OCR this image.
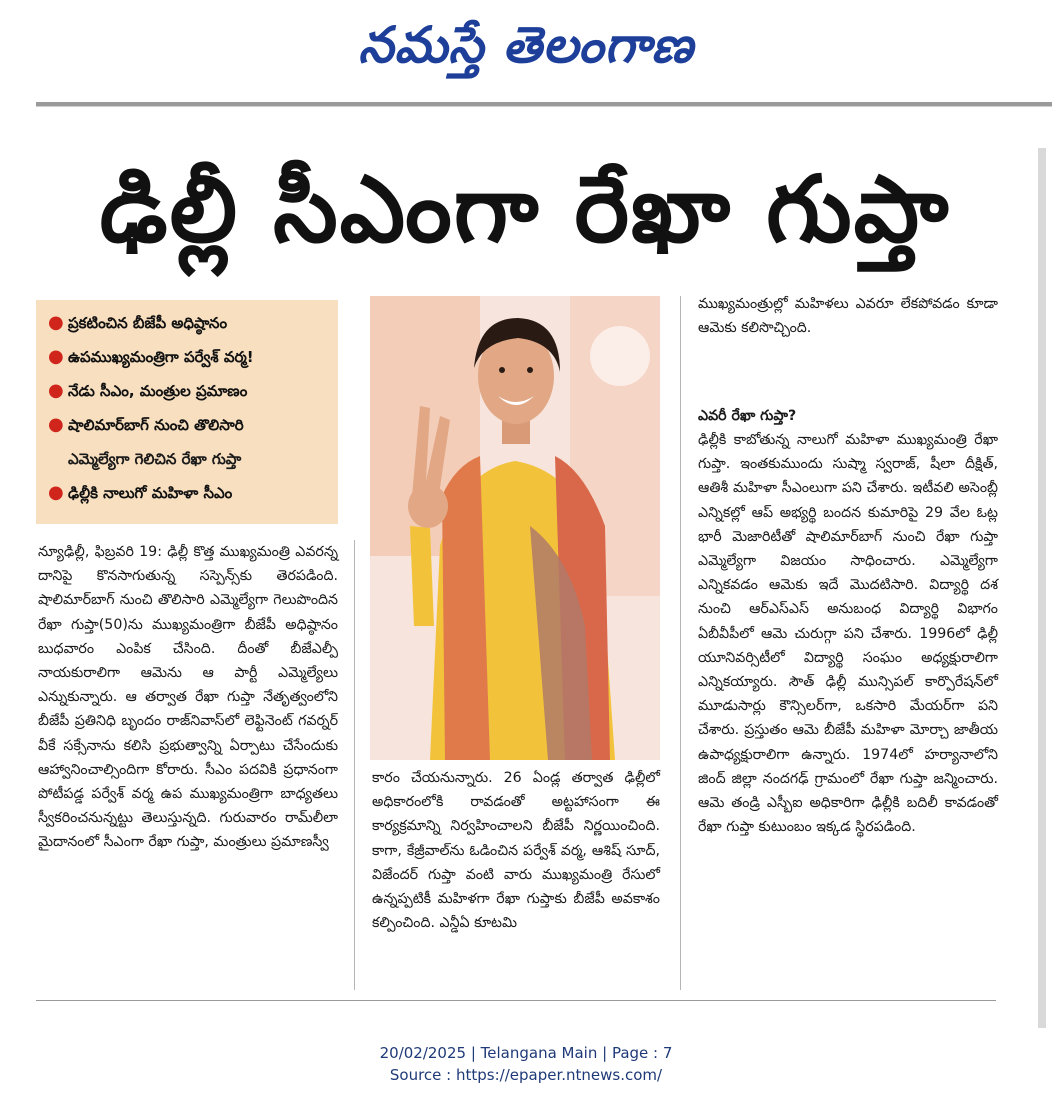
నమస్తే తెలంగాణ
ఢిల్లీ సీఎంగా రేఖా గుప్తా
● ప్రకటించిన బీజేపీ అధిష్ఠానం
● ఉపముఖ్యమంత్రిగా పర్వేశ్ వర్మ!
● నేడు సీఎం, మంత్రుల ప్రమాణం
● షాలిమార్‌బాగ్ నుంచి తొలిసారి
ఎమ్మెల్యేగా గెలిచిన రేఖా గుప్తా
● ఢిల్లీకి నాలుగో మహిళా సీఎం

న్యూఢిల్లీ, ఫిబ్రవరి 19: ఢిల్లీ కొత్త ముఖ్యమంత్రి ఎవరన్న దానిపై కొనసాగుతున్న సస్పెన్స్‌కు తెరపడింది. షాలిమార్‌బాగ్ నుంచి తొలిసారి ఎమ్మెల్యేగా గెలుపొందిన రేఖా గుప్తా(50)ను ముఖ్యమంత్రిగా బీజేపీ అధిష్ఠానం బుధవారం ఎంపిక చేసింది. దీంతో బీజేఎల్పీ నాయకురాలిగా ఆమెను ఆ పార్టీ ఎమ్మెల్యేలు ఎన్నుకున్నారు. ఆ తర్వాత రేఖా గుప్తా నేతృత్వంలోని బీజేపీ ప్రతినిధి బృందం రాజ్‌నివాస్‌లో లెఫ్టినెంట్ గవర్నర్ వీకే సక్సేనాను కలిసి ప్రభుత్వాన్ని ఏర్పాటు చేసేందుకు ఆహ్వానించాల్సిందిగా కోరారు. సీఎం పదవికి ప్రధానంగా పోటీపడ్డ పర్వేశ్ వర్మ ఉప ముఖ్యమంత్రిగా బాధ్యతలు స్వీకరించనున్నట్టు తెలుస్తున్నది. గురువారం రామ్‌లీలా మైదానంలో సీఎంగా రేఖా గుప్తా, మంత్రులు ప్రమాణస్వీ

కారం చేయనున్నారు. 26 ఏండ్ల తర్వాత ఢిల్లీలో అధికారంలోకి రావడంతో అట్టహాసంగా ఈ కార్యక్రమాన్ని నిర్వహించాలని బీజేపీ నిర్ణయించింది. కాగా, కేజ్రీవాల్‌ను ఓడించిన పర్వేశ్ వర్మ, ఆశిష్ సూద్, విజేందర్ గుప్తా వంటి వారు ముఖ్యమంత్రి రేసులో ఉన్నప్పటికీ మహిళగా రేఖా గుప్తాకు బీజేపీ అవకాశం కల్పించింది. ఎన్డీఏ కూటమి

ముఖ్యమంత్రుల్లో మహిళలు ఎవరూ లేకపోవడం కూడా ఆమెకు కలిసొచ్చింది.

ఎవరీ రేఖా గుప్తా?

ఢిల్లీకి కాబోతున్న నాలుగో మహిళా ముఖ్యమంత్రి రేఖా గుప్తా. ఇంతకుముందు సుష్మా స్వరాజ్, షీలా దీక్షిత్, ఆతిశీ మహిళా సీఎంలుగా పని చేశారు. ఇటీవలి అసెంబ్లీ ఎన్నికల్లో ఆప్ అభ్యర్థి బందన కుమారిపై 29 వేల ఓట్ల భారీ మెజారిటీతో షాలిమార్‌బాగ్ నుంచి రేఖా గుప్తా ఎమ్మెల్యేగా విజయం సాధించారు. ఎమ్మెల్యేగా ఎన్నికవడం ఆమెకు ఇదే మొదటిసారి. విద్యార్థి దశ నుంచి ఆర్‌ఎస్‌ఎస్ అనుబంధ విద్యార్థి విభాగం ఏబీవీపీలో ఆమె చురుగ్గా పని చేశారు. 1996లో ఢిల్లీ యూనివర్సిటీలో విద్యార్థి సంఘం అధ్యక్షురాలిగా ఎన్నికయ్యారు. సౌత్ ఢిల్లీ మున్సిపల్ కార్పొరేషన్‌లో మూడుసార్లు కౌన్సిలర్‌గా, ఒకసారి మేయర్‌గా పని చేశారు. ప్రస్తుతం ఆమె బీజేపీ మహిళా మోర్చా జాతీయ ఉపాధ్యక్షురాలిగా ఉన్నారు. 1974లో హర్యానాలోని జింద్ జిల్లా నందగఢ్ గ్రామంలో రేఖా గుప్తా జన్మించారు. ఆమె తండ్రి ఎస్బీఐ అధికారిగా ఢిల్లీకి బదిలీ కావడంతో రేఖా గుప్తా కుటుంబం ఇక్కడ స్థిరపడింది.

20/02/2025 | Telangana Main | Page : 7
Source : https://epaper.ntnews.com/
